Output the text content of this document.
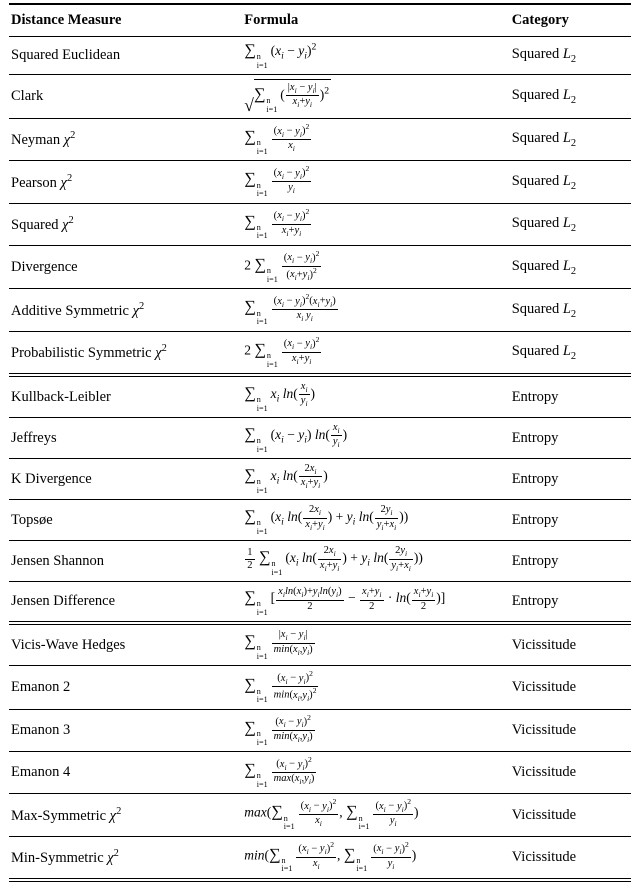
Distance Measure	Formula	Category
Squared Euclidean	∑ n
i=1
$(x_i - y_i)^2$	Squared $L_2$
Clark	√
∑ n
i=1
( $\frac{|x_i - y_i|}{x_i+y_i} )^2$	Squared $L_2$
Neyman $\chi^2$	∑ n
$i=1 \frac{(x_i - y_i)^2}{x_i}$	Squared $L_2$
Pearson $\chi^2$	∑ n
$i=1 \frac{(x_i - y_i)^2}{y_i}$	Squared $L_2$
Squared $\chi^2$	∑ n
$i=1 \frac{(x_i - y_i)^2}{x_i+y_i}$	Squared $L_2$
Divergence	2 ∑ n
$i=1 \frac{(x_i - y_i)^2}{(x_i+y_i)^2}$	Squared $L_2$
Additive Symmetric $\chi^2$	∑ n
$i=1 \frac{(x_i - y_i)^2(x_i+y_i)}{x_i y_i}$	Squared $L_2$
Probabilistic Symmetric $\chi^2$	2 ∑ n
$i=1 \frac{(x_i - y_i)^2}{x_i+y_i}$	Squared $L_2$
Kullback-Leibler	∑ n
i=1
$x_i$ $\ln( \frac{x_i}{y_i}$ )	Entropy
Jeffreys	∑ n
i=1
$(x_i - y_i)$ $\ln( \frac{x_i}{y_i}$ )	Entropy
K Divergence	∑ n
i=1
$x_i$ $\ln( \frac{2x_i}{x_i+y_i}$ )	Entropy
Topsøe	∑ n
i=1
($x_i$ $\ln( \frac{2x_i}{x_i+y_i}$ ) + $y_i$ $\ln( \frac{2y_i}{y_i+x_i}$ ))	Entropy
Jensen Shannon	$\frac{1}{2}$ ∑ n
i=1
($x_i$ $\ln( \frac{2x_i}{x_i+y_i}$ ) + $y_i$ $\ln( \frac{2y_i}{y_i+x_i}$ ))	Entropy
Jensen Difference	∑ n
i=1
[ $\frac{x_i\ln(x_i)+y_i\ln(y_i)}{2} - \frac{x_i+y_i}{2} \cdot \ln( \frac{x_i+y_i}{2}$ )]	Entropy
Vicis-Wave Hedges	∑ n
i=1
$|x_i - y_i|$
$\min(x_i,y_i)$	Vicissitude
Emanon 2	∑ n
i=1
$(x_i - y_i)^2$
$\min(x_i,y_i)^2$	Vicissitude
Emanon 3	∑ n
i=1
$(x_i - y_i)^2$
$\min(x_i,y_i)$	Vicissitude
Emanon 4	∑ n
i=1
$(x_i - y_i)^2$
$\max(x_i,y_i)$	Vicissitude
Max-Symmetric $\chi^2$	max(∑ n
$i=1 \frac{(x_i - y_i)^2}{x_i}$ , ∑ n
$i=1 \frac{(x_i - y_i)^2}{y_i}$ )	Vicissitude
Min-Symmetric $\chi^2$	min(∑ n
$i=1 \frac{(x_i - y_i)^2}{x_i}$ , ∑ n
$i=1 \frac{(x_i - y_i)^2}{y_i}$ )	Vicissitude
